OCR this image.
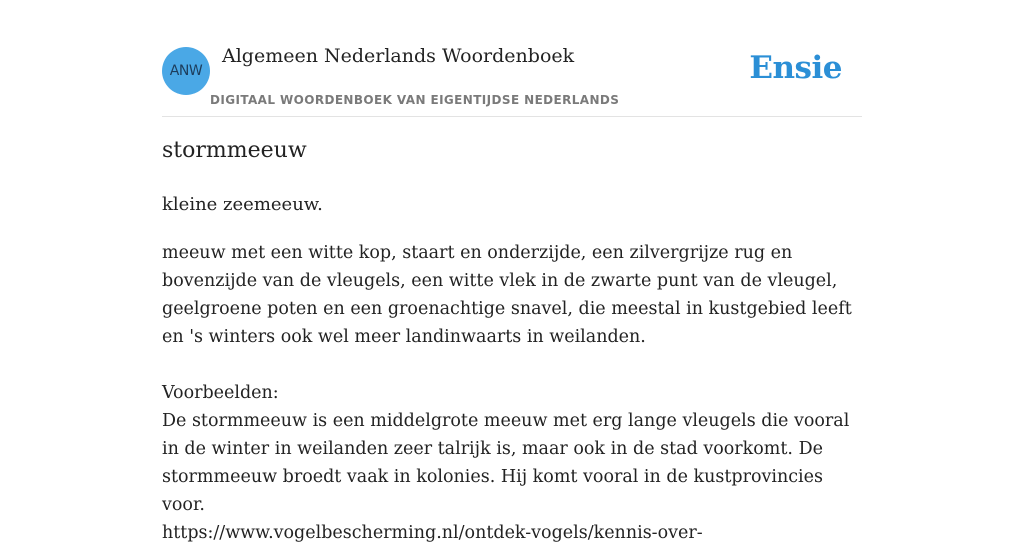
ANW
Algemeen Nederlands Woordenboek
DIGITAAL WOORDENBOEK VAN EIGENTIJDSE NEDERLANDS
Ensie
stormmeeuw

kleine zeemeeuw.

meeuw met een witte kop, staart en onderzijde, een zilvergrijze rug en bovenzijde van de vleugels, een witte vlek in de zwarte punt van de vleugel, geelgroene poten en een groenachtige snavel, die meestal in kustgebied leeft en 's winters ook wel meer landinwaarts in weilanden.

Voorbeelden:

De stormmeeuw is een middelgrote meeuw met erg lange vleugels die vooral in de winter in weilanden zeer talrijk is, maar ook in de stad voorkomt. De stormmeeuw broedt vaak in kolonies. Hij komt vooral in de kustprovincies voor.

https://www.vogelbescherming.nl/ontdek-vogels/kennis-over-
